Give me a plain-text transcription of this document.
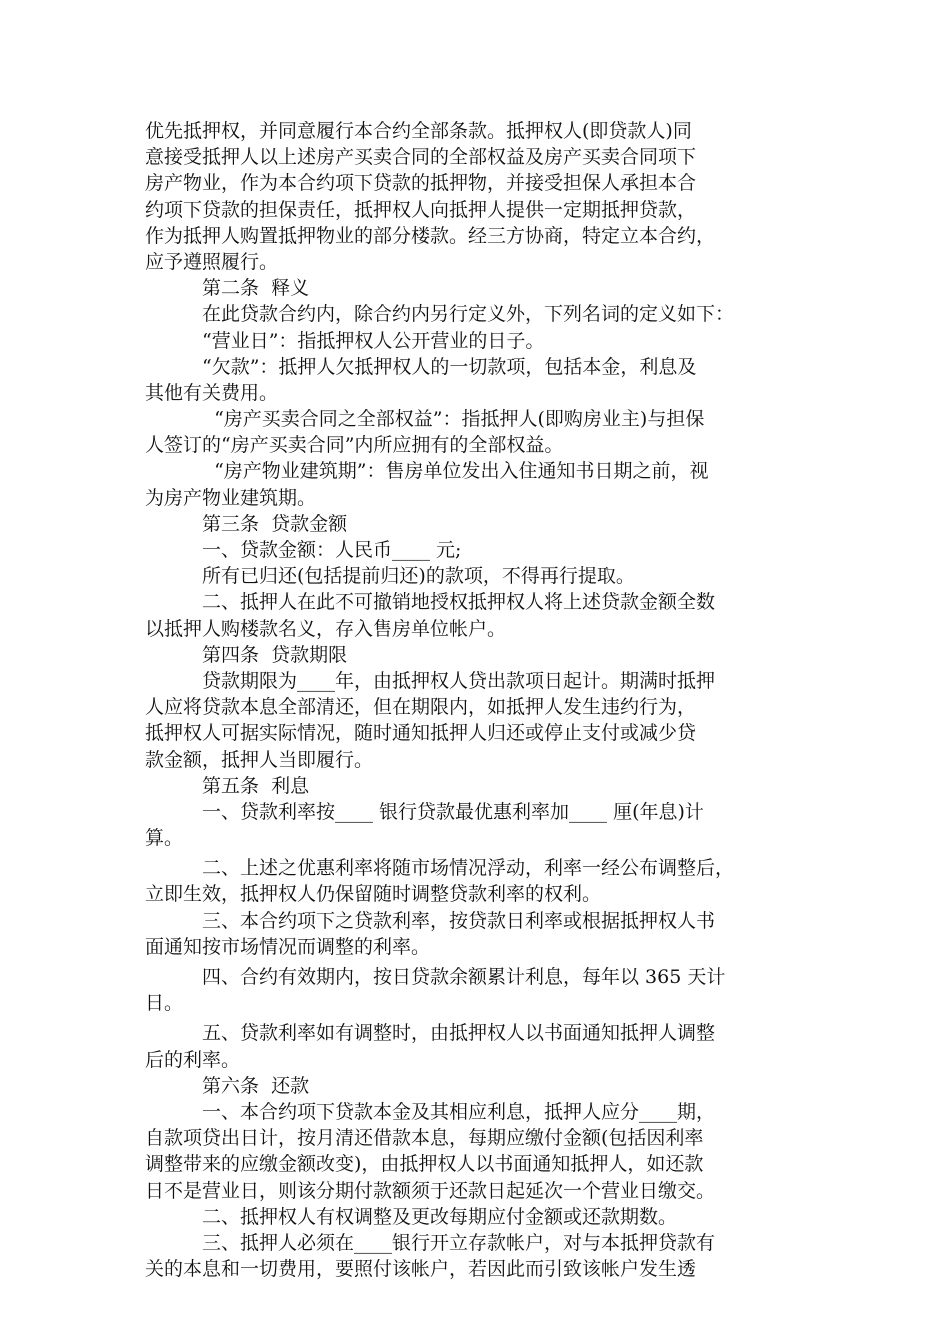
优先抵押权，并同意履行本合约全部条款。抵押权人(即贷款人)同
意接受抵押人以上述房产买卖合同的全部权益及房产买卖合同项下
房产物业，作为本合约项下贷款的抵押物，并接受担保人承担本合
约项下贷款的担保责任，抵押权人向抵押人提供一定期抵押贷款，
作为抵押人购置抵押物业的部分楼款。经三方协商，特定立本合约，
应予遵照履行。
第二条  释义
在此贷款合约内，除合约内另行定义外，下列名词的定义如下：
“营业日”：指抵押权人公开营业的日子。
“欠款”：抵押人欠抵押权人的一切款项，包括本金，利息及
其他有关费用。
“房产买卖合同之全部权益”：指抵押人(即购房业主)与担保
人签订的“房产买卖合同”内所应拥有的全部权益。
“房产物业建筑期”：售房单位发出入住通知书日期之前，视
为房产物业建筑期。
第三条  贷款金额
一、贷款金额：人民币____ 元;
所有已归还(包括提前归还)的款项，不得再行提取。
二、抵押人在此不可撤销地授权抵押权人将上述贷款金额全数
以抵押人购楼款名义，存入售房单位帐户。
第四条  贷款期限
贷款期限为____年，由抵押权人贷出款项日起计。期满时抵押
人应将贷款本息全部清还，但在期限内，如抵押人发生违约行为，
抵押权人可据实际情况，随时通知抵押人归还或停止支付或减少贷
款金额，抵押人当即履行。
第五条  利息
一、贷款利率按____ 银行贷款最优惠利率加____ 厘(年息)计
算。
二、上述之优惠利率将随市场情况浮动，利率一经公布调整后，
立即生效，抵押权人仍保留随时调整贷款利率的权利。
三、本合约项下之贷款利率，按贷款日利率或根据抵押权人书
面通知按市场情况而调整的利率。
四、合约有效期内，按日贷款余额累计利息，每年以 365 天计
日。
五、贷款利率如有调整时，由抵押权人以书面通知抵押人调整
后的利率。
第六条  还款
一、本合约项下贷款本金及其相应利息，抵押人应分____期，
自款项贷出日计，按月清还借款本息，每期应缴付金额(包括因利率
调整带来的应缴金额改变)，由抵押权人以书面通知抵押人，如还款
日不是营业日，则该分期付款额须于还款日起延次一个营业日缴交。
二、抵押权人有权调整及更改每期应付金额或还款期数。
三、抵押人必须在____银行开立存款帐户，对与本抵押贷款有
关的本息和一切费用，要照付该帐户，若因此而引致该帐户发生透
